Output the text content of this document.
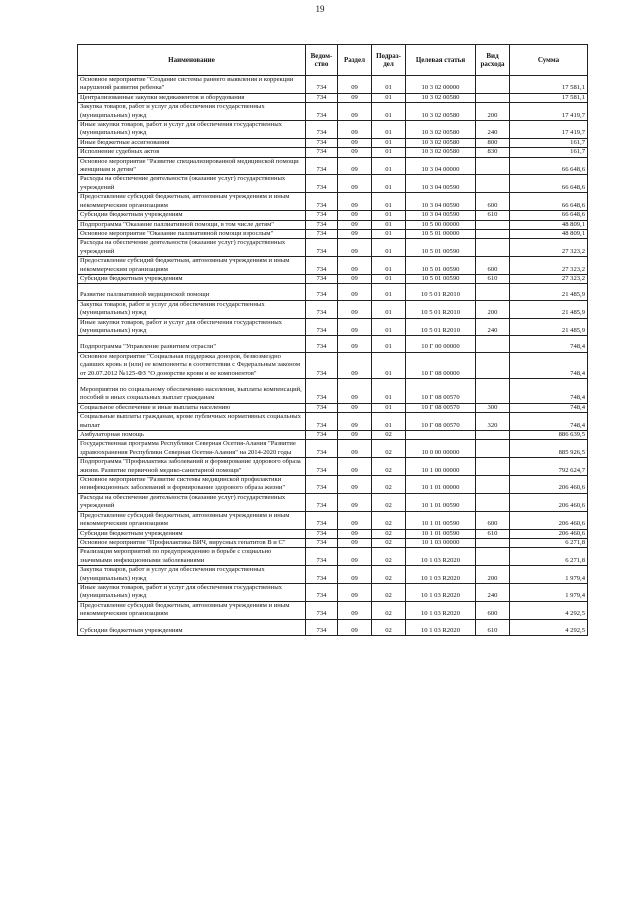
19
Наименование	Ведом-ство	Раздел	Подраз-дел	Целевая статья	Вид расхода	Сумма
Основное мероприятие "Создание системы раннего выявления и коррекции нарушений развития ребенка"	734	09	01	10 3 02 00000		17 581,1
Централизованные закупки медикаментов и оборудования	734	09	01	10 3 02 00580		17 581,1
Закупка товаров, работ и услуг для обеспечения государственных (муниципальных) нужд	734	09	01	10 3 02 00580	200	17 419,7
Иные закупки товаров, работ и услуг для обеспечения государственных (муниципальных) нужд	734	09	01	10 3 02 00580	240	17 419,7
Иные бюджетные ассигнования	734	09	01	10 3 02 00580	800	161,7
Исполнение судебных актов	734	09	01	10 3 02 00580	830	161,7
Основное мероприятие "Развитие специализированной медицинской помощи женщинам и детям"	734	09	01	10 3 04 00000		66 648,6
Расходы на обеспечение деятельности (оказание услуг) государственных учреждений	734	09	01	10 3 04 00590		66 648,6
Предоставление субсидий бюджетным, автономным учреждениям и иным некоммерческим организациям	734	09	01	10 3 04 00590	600	66 648,6
Субсидии бюджетным учреждениям	734	09	01	10 3 04 00590	610	66 648,6
Подпрограмма "Оказание паллиативной помощи, в том числе детям"	734	09	01	10 5 00 00000		48 809,1
Основное мероприятие "Оказание паллиативной помощи взрослым"	734	09	01	10 5 01 00000		48 809,1
Расходы на обеспечение деятельности (оказание услуг) государственных учреждений	734	09	01	10 5 01 00590		27 323,2
Предоставление субсидий бюджетным, автономным учреждениям и иным некоммерческим организациям	734	09	01	10 5 01 00590	600	27 323,2
Субсидии бюджетным учреждениям	734	09	01	10 5 01 00590	610	27 323,2
Развитие паллиативной медицинской помощи	734	09	01	10 5 01 R2010		21 485,9
Закупка товаров, работ и услуг для обеспечения государственных (муниципальных) нужд	734	09	01	10 5 01 R2010	200	21 485,9
Иные закупки товаров, работ и услуг для обеспечения государственных (муниципальных) нужд	734	09	01	10 5 01 R2010	240	21 485,9
Подпрограмма "Управление развитием отрасли"	734	09	01	10 Г 00 00000		748,4
Основное мероприятие "Социальная поддержка доноров, безвозмездно сдавших кровь и (или) ее компоненты в соответствии с Федеральным законом от 20.07.2012 №125-ФЗ "О донорстве крови и ее компонентов"	734	09	01	10 Г 08 00000		748,4
Мероприятия по социальному обеспечению населения, выплаты компенсаций, пособий и иных социальных выплат гражданам	734	09	01	10 Г 08 00570		748,4
Социальное обеспечение и иные выплаты населению	734	09	01	10 Г 08 00570	300	748,4
Социальные выплаты гражданам, кроме публичных нормативных социальных выплат	734	09	01	10 Г 08 00570	320	748,4
Амбулаторная помощь	734	09	02			886 639,5
Государственная программа Республики Северная Осетия-Алания "Развитие здравоохранения Республики Северная Осетия-Алания" на 2014-2020 годы	734	09	02	10 0 00 00000		885 926,5
Подпрограмма "Профилактика заболеваний и формирование здорового образа жизни. Развитие первичной медико-санитарной помощи"	734	09	02	10 1 00 00000		792 624,7
Основное мероприятие "Развитие системы медицинской профилактики неинфекционных заболеваний и формирование здорового образа жизни"	734	09	02	10 1 01 00000		206 460,6
Расходы на обеспечение деятельности (оказание услуг) государственных учреждений	734	09	02	10 1 01 00590		206 460,6
Предоставление субсидий бюджетным, автономным учреждениям и иным некоммерческим организациям	734	09	02	10 1 01 00590	600	206 460,6
Субсидии бюджетным учреждениям	734	09	02	10 1 01 00590	610	206 460,6
Основное мероприятие "Профилактика ВИЧ, вирусных гепатитов В и С"	734	09	02	10 1 03 00000		6 271,8
Реализация мероприятий по предупреждению и борьбе с социально значимыми инфекционными заболеваниями	734	09	02	10 1 03 R2020		6 271,8
Закупка товаров, работ и услуг для обеспечения государственных (муниципальных) нужд	734	09	02	10 1 03 R2020	200	1 979,4
Иные закупки товаров, работ и услуг для обеспечения государственных (муниципальных) нужд	734	09	02	10 1 03 R2020	240	1 979,4
Предоставление субсидий бюджетным, автономным учреждениям и иным некоммерческим организациям	734	09	02	10 1 03 R2020	600	4 292,5
Субсидии бюджетным учреждениям	734	09	02	10 1 03 R2020	610	4 292,5
